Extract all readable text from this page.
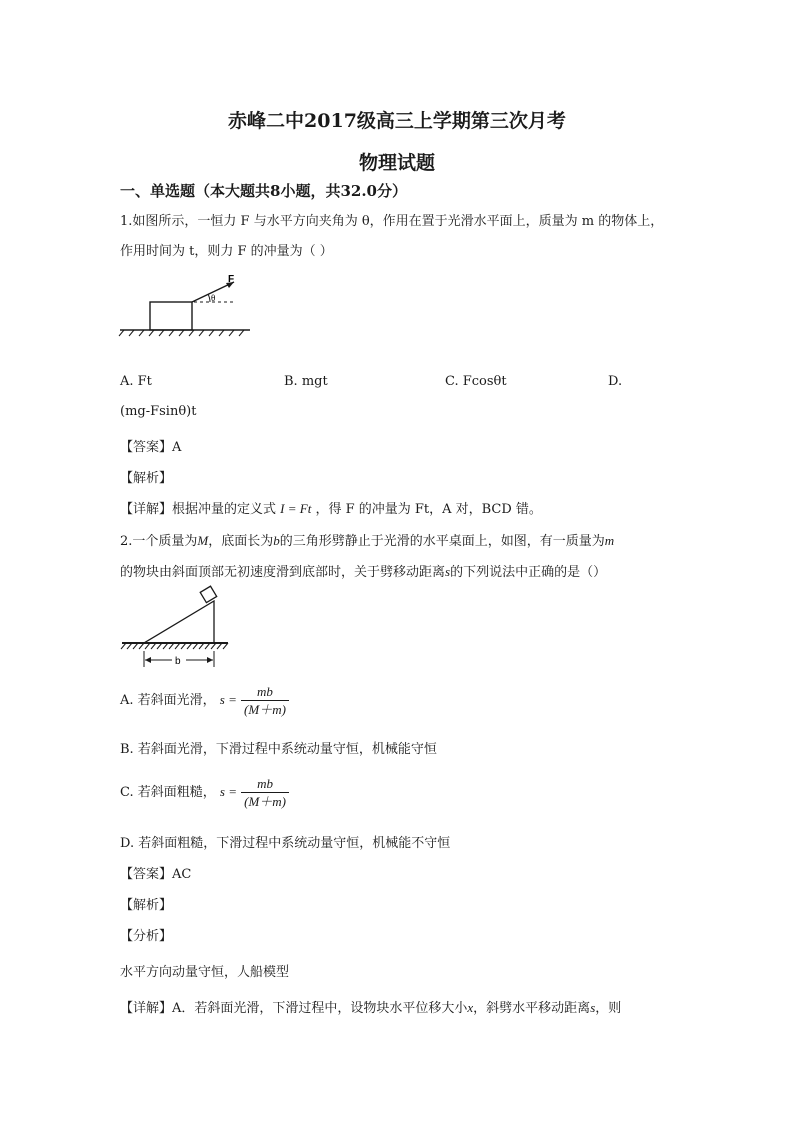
赤峰二中2017级高三上学期第三次月考
物理试题
一、单选题（本大题共8小题，共32.0分）
1.如图所示，一恒力 F 与水平方向夹角为 θ，作用在置于光滑水平面上，质量为 m 的物体上，
作用时间为 t，则力 F 的冲量为（ ）
F
θ
A. Ft	B. mgt	C. Fcosθt	D.
(mg-Fsinθ)t
【答案】A
【解析】
【详解】根据冲量的定义式 I = Ft ，得 F 的冲量为 Ft，A 对，BCD 错。
2.一个质量为M，底面长为b的三角形劈静止于光滑的水平桌面上，如图，有一质量为m
的物块由斜面顶部无初速度滑到底部时，关于劈移动距离s的下列说法中正确的是（）
b
A. 若斜面光滑， $s = \frac{mb}{(M+m)}$
B. 若斜面光滑，下滑过程中系统动量守恒，机械能守恒
C. 若斜面粗糙， $s = \frac{mb}{(M+m)}$
D. 若斜面粗糙，下滑过程中系统动量守恒，机械能不守恒
【答案】AC
【解析】
【分析】
水平方向动量守恒，人船模型
【详解】A．若斜面光滑，下滑过程中，设物块水平位移大小x，斜劈水平移动距离s，则
